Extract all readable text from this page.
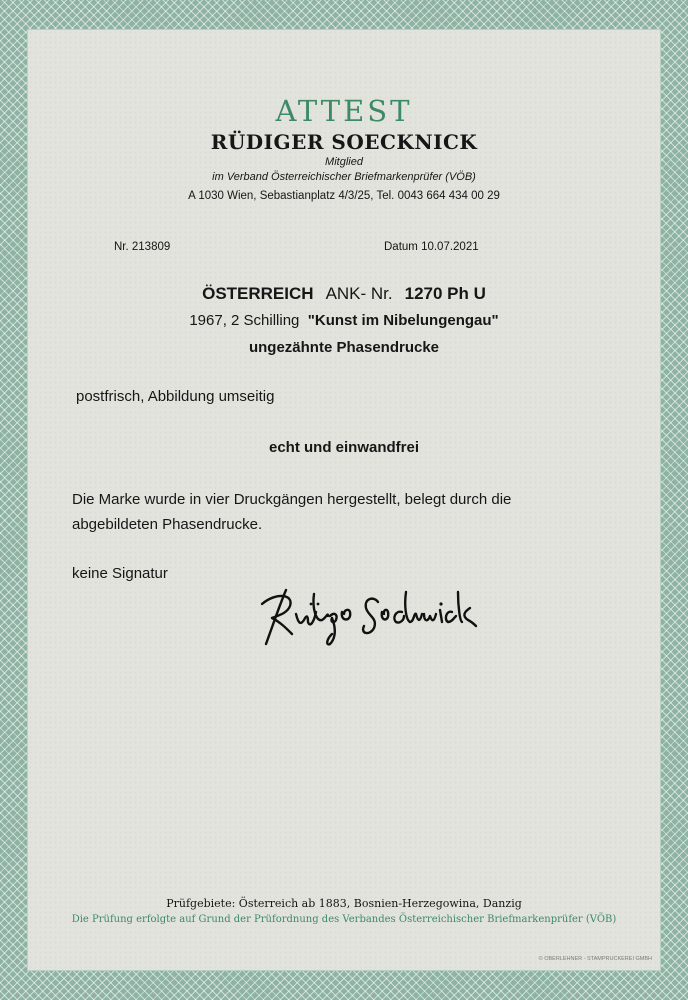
ATTEST
RÜDIGER SOECKNICK
Mitglied
im Verband Österreichischer Briefmarkenprüfer (VÖB)
A 1030 Wien, Sebastianplatz 4/3/25, Tel. 0043 664 434 00 29
Nr. 213809	Datum 10.07.2021
ÖSTERREICH ANK- Nr. 1270 Ph U
1967, 2 Schilling "Kunst im Nibelungengau"
ungezähnte Phasendrucke
postfrisch, Abbildung umseitig
echt und einwandfrei
Die Marke wurde in vier Druckgängen hergestellt, belegt durch die
abgebildeten Phasendrucke.
keine Signatur
Prüfgebiete: Österreich ab 1883, Bosnien-Herzegowina, Danzig
Die Prüfung erfolgte auf Grund der Prüfordnung des Verbandes Österreichischer Briefmarkenprüfer (VÖB)
© OBERLEHNER - STAMPRUCKEREI GMBH
